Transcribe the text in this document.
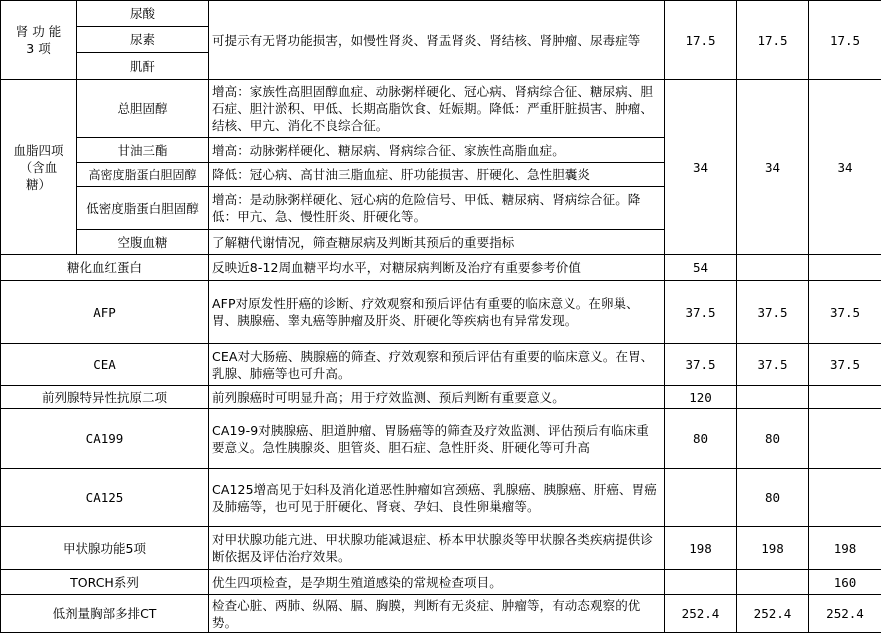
肾 功 能
3 项	尿酸	可提示有无肾功能损害，如慢性肾炎、肾盂肾炎、肾结核、肾肿瘤、尿毒症等	17.5	17.5	17.5
	尿素				
	肌酐				
血脂四项
（含血
糖）	总胆固醇	增高：家族性高胆固醇血症、动脉粥样硬化、冠心病、肾病综合征、糖尿病、胆石症、胆汁淤积、甲低、长期高脂饮食、妊娠期。降低：严重肝脏损害、肿瘤、结核、甲亢、消化不良综合征。	34	34	34
	甘油三酯	增高：动脉粥样硬化、糖尿病、肾病综合征、家族性高脂血症。			
	高密度脂蛋白胆固醇	降低：冠心病、高甘油三脂血症、肝功能损害、肝硬化、急性胆囊炎			
	低密度脂蛋白胆固醇	增高：是动脉粥样硬化、冠心病的危险信号、甲低、糖尿病、肾病综合征。降低：甲亢、急、慢性肝炎、肝硬化等。			
	空腹血糖	了解糖代谢情况，筛查糖尿病及判断其预后的重要指标			
糖化血红蛋白		反映近8-12周血糖平均水平，对糖尿病判断及治疗有重要参考价值	54		
AFP		AFP对原发性肝癌的诊断、疗效观察和预后评估有重要的临床意义。在卵巢、胃、胰腺癌、睾丸癌等肿瘤及肝炎、肝硬化等疾病也有异常发现。	37.5	37.5	37.5
CEA		CEA对大肠癌、胰腺癌的筛查、疗效观察和预后评估有重要的临床意义。在胃、乳腺、肺癌等也可升高。	37.5	37.5	37.5
前列腺特异性抗原二项		前列腺癌时可明显升高；用于疗效监测、预后判断有重要意义。	120		
CA199		CA19-9对胰腺癌、胆道肿瘤、胃肠癌等的筛查及疗效监测、评估预后有临床重要意义。急性胰腺炎、胆管炎、胆石症、急性肝炎、肝硬化等可升高	80	80	
CA125		CA125增高见于妇科及消化道恶性肿瘤如宫颈癌、乳腺癌、胰腺癌、肝癌、胃癌及肺癌等，也可见于肝硬化、肾衰、孕妇、良性卵巢瘤等。		80	
甲状腺功能5项		对甲状腺功能亢进、甲状腺功能减退症、桥本甲状腺炎等甲状腺各类疾病提供诊断依据及评估治疗效果。	198	198	198
TORCH系列		优生四项检查，是孕期生殖道感染的常规检查项目。			160
低剂量胸部多排CT		检查心脏、两肺、纵隔、膈、胸膜，判断有无炎症、肿瘤等，有动态观察的优势。	252.4	252.4	252.4
